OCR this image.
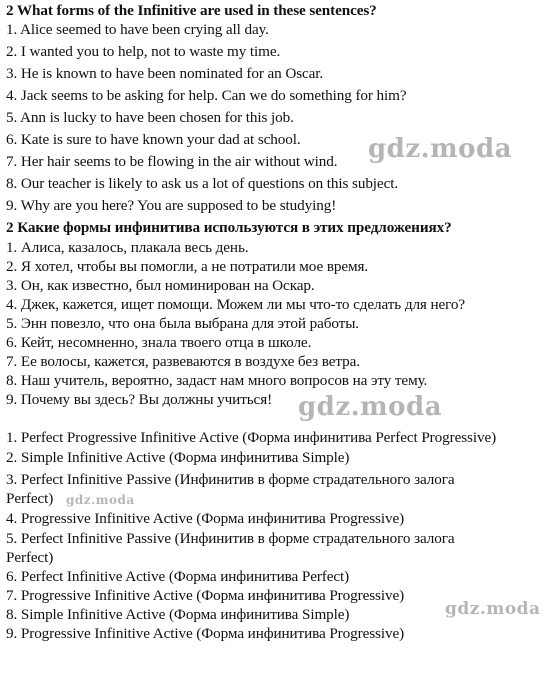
2 What forms of the Infinitive are used in these sentences?
1. Alice seemed to have been crying all day.
2. I wanted you to help, not to waste my time.
3. He is known to have been nominated for an Oscar.
4. Jack seems to be asking for help. Can we do something for him?
5. Ann is lucky to have been chosen for this job.
6. Kate is sure to have known your dad at school.
7. Her hair seems to be flowing in the air without wind.
8. Our teacher is likely to ask us a lot of questions on this subject.
9. Why are you here? You are supposed to be studying!
2 Какие формы инфинитива используются в этих предложениях?
1. Алиса, казалось, плакала весь день.
2. Я хотел, чтобы вы помогли, а не потратили мое время.
3. Он, как известно, был номинирован на Оскар.
4. Джек, кажется, ищет помощи. Можем ли мы что-то сделать для него?
5. Энн повезло, что она была выбрана для этой работы.
6. Кейт, несомненно, знала твоего отца в школе.
7. Ее волосы, кажется, развеваются в воздухе без ветра.
8. Наш учитель, вероятно, задаст нам много вопросов на эту тему.
9. Почему вы здесь? Вы должны учиться!
1. Perfect Progressive Infinitive Active (Форма инфинитива Perfect Progressive)
2. Simple Infinitive Active (Форма инфинитива Simple)
3. Perfect Infinitive Passive (Инфинитив в форме страдательного залога
Perfect)
4. Progressive Infinitive Active (Форма инфинитива Progressive)
5. Perfect Infinitive Passive (Инфинитив в форме страдательного залога
Perfect)
6. Perfect Infinitive Active (Форма инфинитива Perfect)
7. Progressive Infinitive Active (Форма инфинитива Progressive)
8. Simple Infinitive Active (Форма инфинитива Simple)
9. Progressive Infinitive Active (Форма инфинитива Progressive)
gdz.moda
gdz.moda
gdz.moda
gdz.moda
